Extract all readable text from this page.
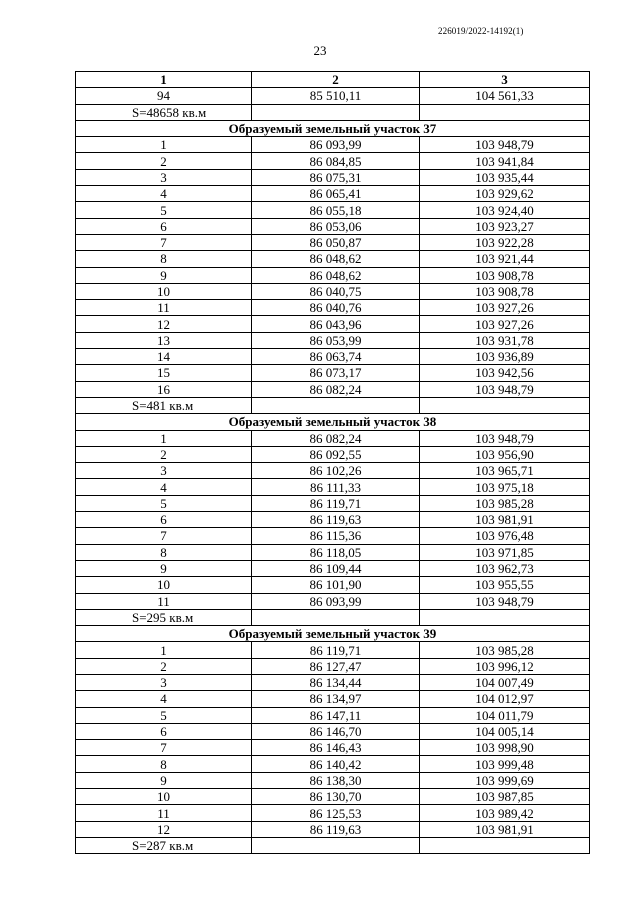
226019/2022-14192(1)
23
1	2	3
94	85 510,11	104 561,33
S=48658 кв.м		
Образуемый земельный участок 37		
1	86 093,99	103 948,79
2	86 084,85	103 941,84
3	86 075,31	103 935,44
4	86 065,41	103 929,62
5	86 055,18	103 924,40
6	86 053,06	103 923,27
7	86 050,87	103 922,28
8	86 048,62	103 921,44
9	86 048,62	103 908,78
10	86 040,75	103 908,78
11	86 040,76	103 927,26
12	86 043,96	103 927,26
13	86 053,99	103 931,78
14	86 063,74	103 936,89
15	86 073,17	103 942,56
16	86 082,24	103 948,79
S=481 кв.м		
Образуемый земельный участок 38		
1	86 082,24	103 948,79
2	86 092,55	103 956,90
3	86 102,26	103 965,71
4	86 111,33	103 975,18
5	86 119,71	103 985,28
6	86 119,63	103 981,91
7	86 115,36	103 976,48
8	86 118,05	103 971,85
9	86 109,44	103 962,73
10	86 101,90	103 955,55
11	86 093,99	103 948,79
S=295 кв.м		
Образуемый земельный участок 39		
1	86 119,71	103 985,28
2	86 127,47	103 996,12
3	86 134,44	104 007,49
4	86 134,97	104 012,97
5	86 147,11	104 011,79
6	86 146,70	104 005,14
7	86 146,43	103 998,90
8	86 140,42	103 999,48
9	86 138,30	103 999,69
10	86 130,70	103 987,85
11	86 125,53	103 989,42
12	86 119,63	103 981,91
S=287 кв.м		
